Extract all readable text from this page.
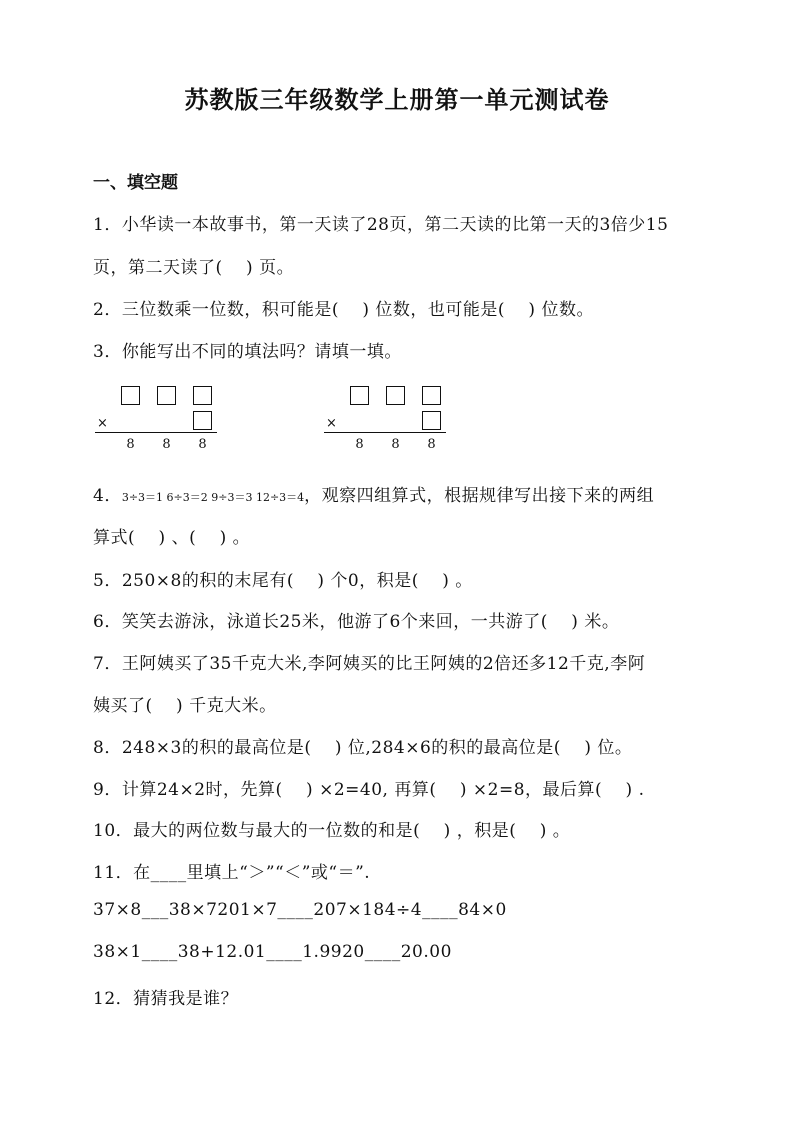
苏教版三年级数学上册第一单元测试卷
一、填空题
1．小华读一本故事书，第一天读了28页，第二天读的比第一天的3倍少15
页，第二天读了(　 ) 页。
2．三位数乘一位数，积可能是(　 ) 位数，也可能是(　 ) 位数。
3．你能写出不同的填法吗？请填一填。
×
8	8	8
×
8	8	8
4．3÷3＝1 6÷3＝2 9÷3＝3 12÷3＝4，观察四组算式，根据规律写出接下来的两组
算式(　 ) 、(　 ) 。
5．250×8的积的末尾有(　 ) 个0，积是(　 ) 。
6．笑笑去游泳，泳道长25米，他游了6个来回，一共游了(　 ) 米。
7．王阿姨买了35千克大米,李阿姨买的比王阿姨的2倍还多12千克,李阿
姨买了(　 ) 千克大米。
8．248×3的积的最高位是(　 ) 位,284×6的积的最高位是(　 ) 位。
9．计算24×2时，先算(　 ) ×2=40, 再算(　 ) ×2=8，最后算(　 ) .
10．最大的两位数与最大的一位数的和是(　 ) ，积是(　 ) 。
11．在____里填上“＞”“＜”或“＝”.
37×8___38×7201×7____207×184÷4____84×0
38×1____38+12.01____1.9920____20.00
12．猜猜我是谁？
